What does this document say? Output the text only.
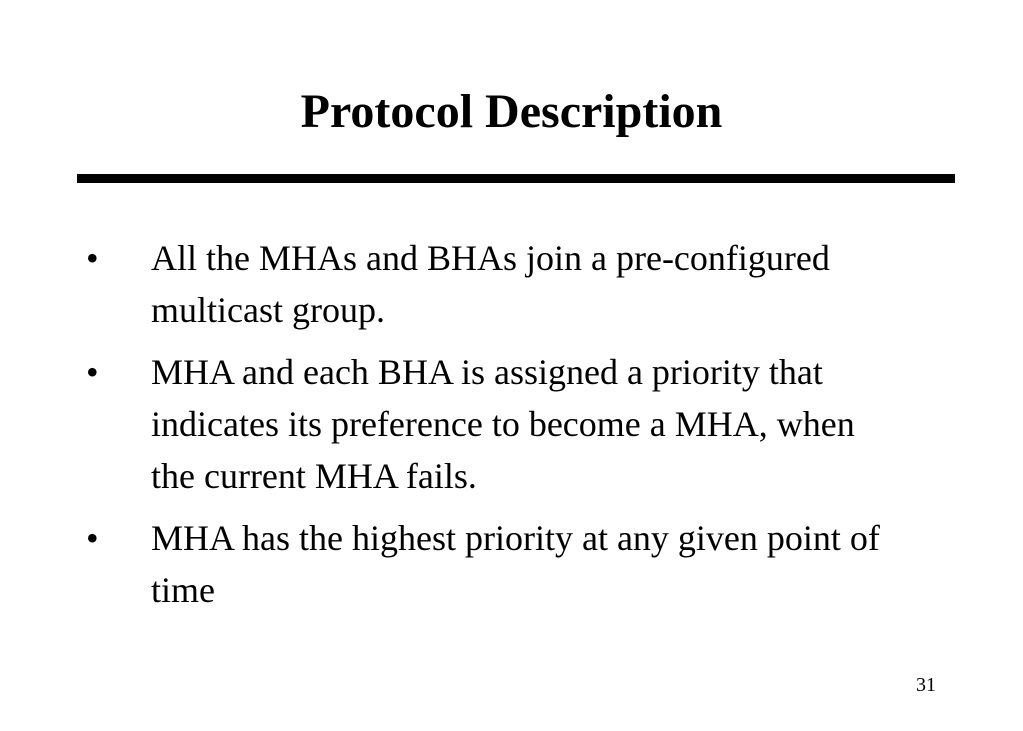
Protocol Description
• All the MHAs and BHAs join a pre-configured multicast group.
• MHA and each BHA is assigned a priority that indicates its preference to become a MHA, when the current MHA fails.
• MHA has the highest priority at any given point of time
31
